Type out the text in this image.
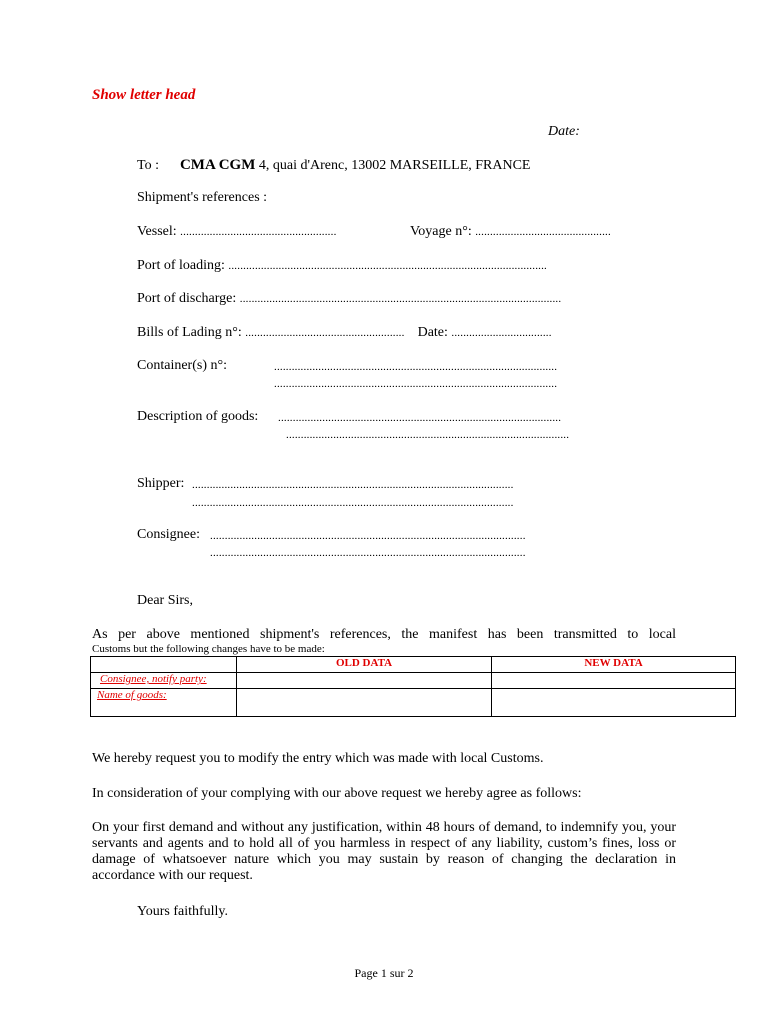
Show letter head
Date:
To : CMA CGM 4, quai d'Arenc, 13002 MARSEILLE, FRANCE
Shipment's references :
Vessel: .....................................................	Voyage n°: ..............................................
Port of loading: ............................................................................................................
Port of discharge: .............................................................................................................
Bills of Lading n°: ...................................................... Date: ..................................
Container(s) n°:	................................................................................................
................................................................................................
Description of goods: ................................................................................................
................................................................................................
Shipper: .............................................................................................................
.............................................................................................................
Consignee: ...........................................................................................................
...........................................................................................................
Dear Sirs,
As per above mentioned shipment's references, the manifest has been transmitted to local
Customs but the following changes have to be made:
	OLD DATA	NEW DATA
Consignee, notify party:		
Name of goods:		
We hereby request you to modify the entry which was made with local Customs.
In consideration of your complying with our above request we hereby agree as follows:
On your first demand and without any justification, within 48 hours of demand, to indemnify you, your servants and agents and to hold all of you harmless in respect of any liability, custom’s fines, loss or damage of whatsoever nature which you may sustain by reason of changing the declaration in accordance with our request.
Yours faithfully.
Page 1 sur 2
